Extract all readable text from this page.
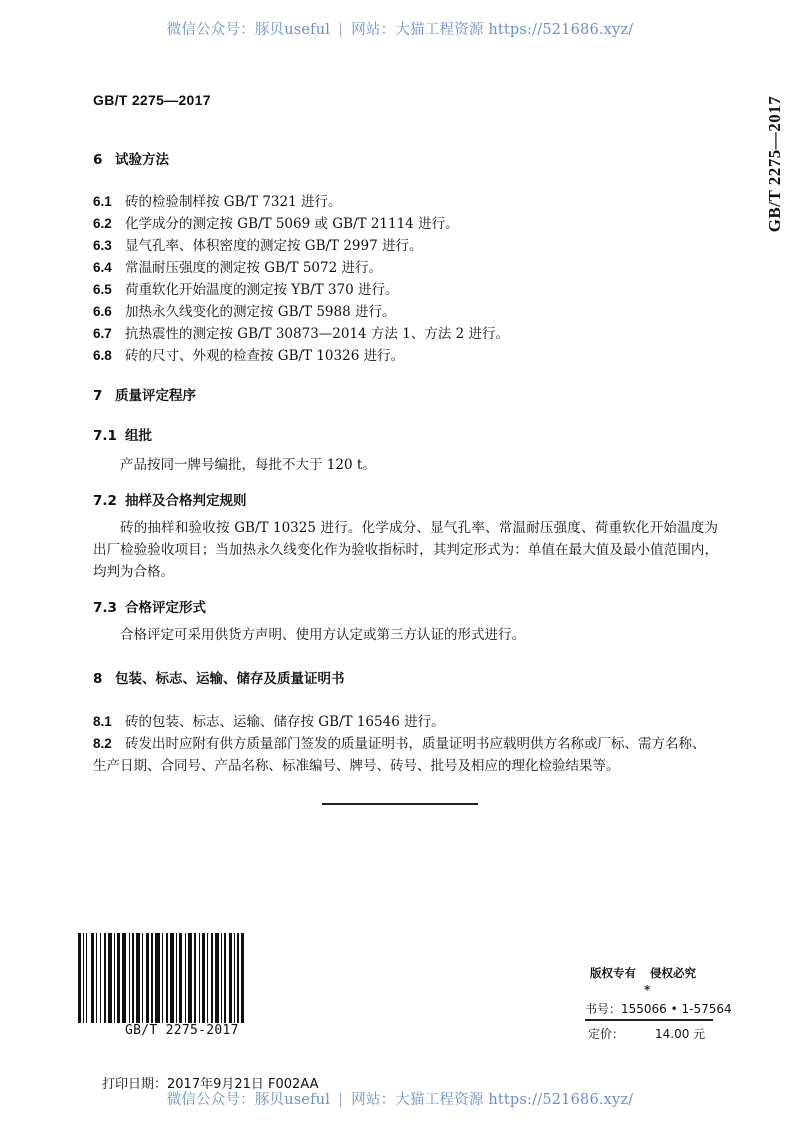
微信公众号：豚贝useful | 网站：大猫工程资源 https://521686.xyz/
GB/T 2275—2017	GB/T 2275—2017
6 试验方法
6.1 砖的检验制样按 GB/T 7321 进行。
6.2 化学成分的测定按 GB/T 5069 或 GB/T 21114 进行。
6.3 显气孔率、体积密度的测定按 GB/T 2997 进行。
6.4 常温耐压强度的测定按 GB/T 5072 进行。
6.5 荷重软化开始温度的测定按 YB/T 370 进行。
6.6 加热永久线变化的测定按 GB/T 5988 进行。
6.7 抗热震性的测定按 GB/T 30873—2014 方法 1、方法 2 进行。
6.8 砖的尺寸、外观的检查按 GB/T 10326 进行。
7 质量评定程序
7.1 组批
产品按同一牌号编批，每批不大于 120 t。
7.2 抽样及合格判定规则
砖的抽样和验收按 GB/T 10325 进行。化学成分、显气孔率、常温耐压强度、荷重软化开始温度为出厂检验验收项目；当加热永久线变化作为验收指标时，其判定形式为：单值在最大值及最小值范围内，均判为合格。
7.3 合格评定形式
合格评定可采用供货方声明、使用方认定或第三方认证的形式进行。
8 包装、标志、运输、储存及质量证明书
8.1 砖的包装、标志、运输、储存按 GB/T 16546 进行。
8.2 砖发出时应附有供方质量部门签发的质量证明书，质量证明书应载明供方名称或厂标、需方名称、
生产日期、合同号、产品名称、标准编号、牌号、砖号、批号及相应的理化检验结果等。
GB/T 2275-2017
版权专有 侵权必究
*
书号：155066 • 1-57564
定价：	14.00 元
打印日期：2017年9月21日 F002AA
微信公众号：豚贝useful | 网站：大猫工程资源 https://521686.xyz/
